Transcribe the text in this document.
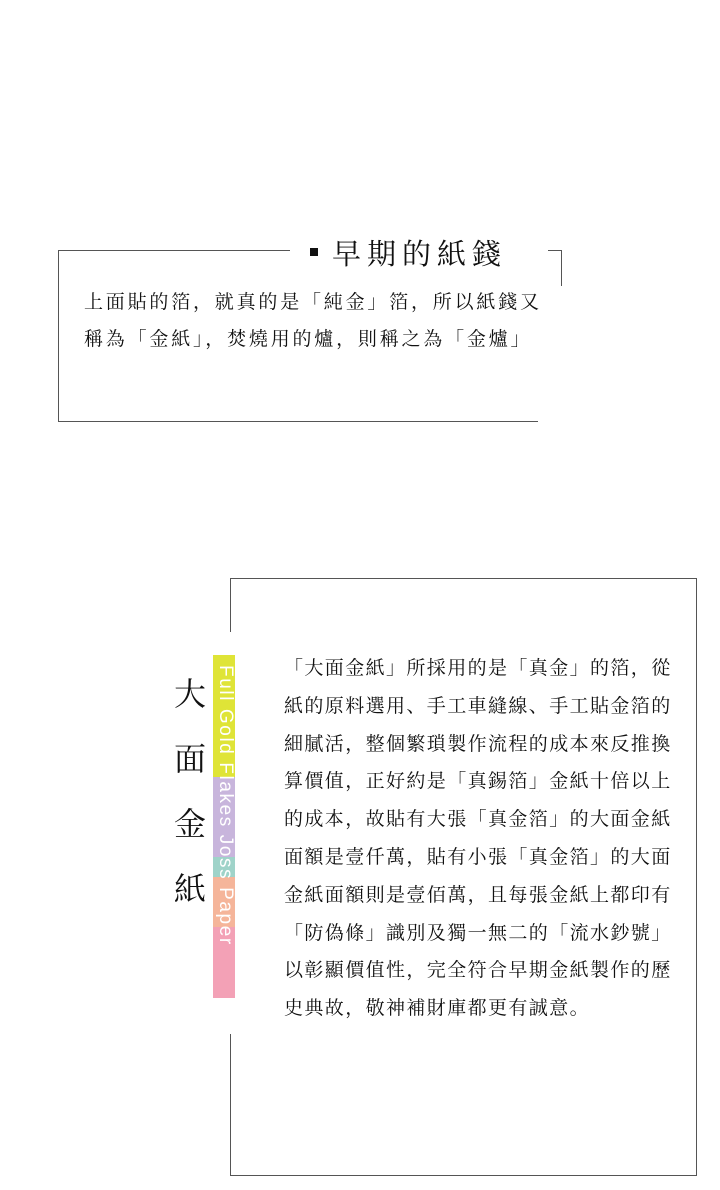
早期的紙錢

上面貼的箔，就真的是「純金」箔，所以紙錢又稱為「金紙」，焚燒用的爐，則稱之為「金爐」

大
面
金
紙 Full Gold Flakes Joss Paper	「大面金紙」所採用的是「真金」的箔，從紙的原料選用、手工車縫線、手工貼金箔的細膩活，整個繁瑣製作流程的成本來反推換算價值，正好約是「真錫箔」金紙十倍以上的成本，故貼有大張「真金箔」的大面金紙面額是壹仟萬，貼有小張「真金箔」的大面金紙面額則是壹佰萬，且每張金紙上都印有「防偽條」識別及獨一無二的「流水鈔號」以彰顯價值性，完全符合早期金紙製作的歷史典故，敬神補財庫都更有誠意。
